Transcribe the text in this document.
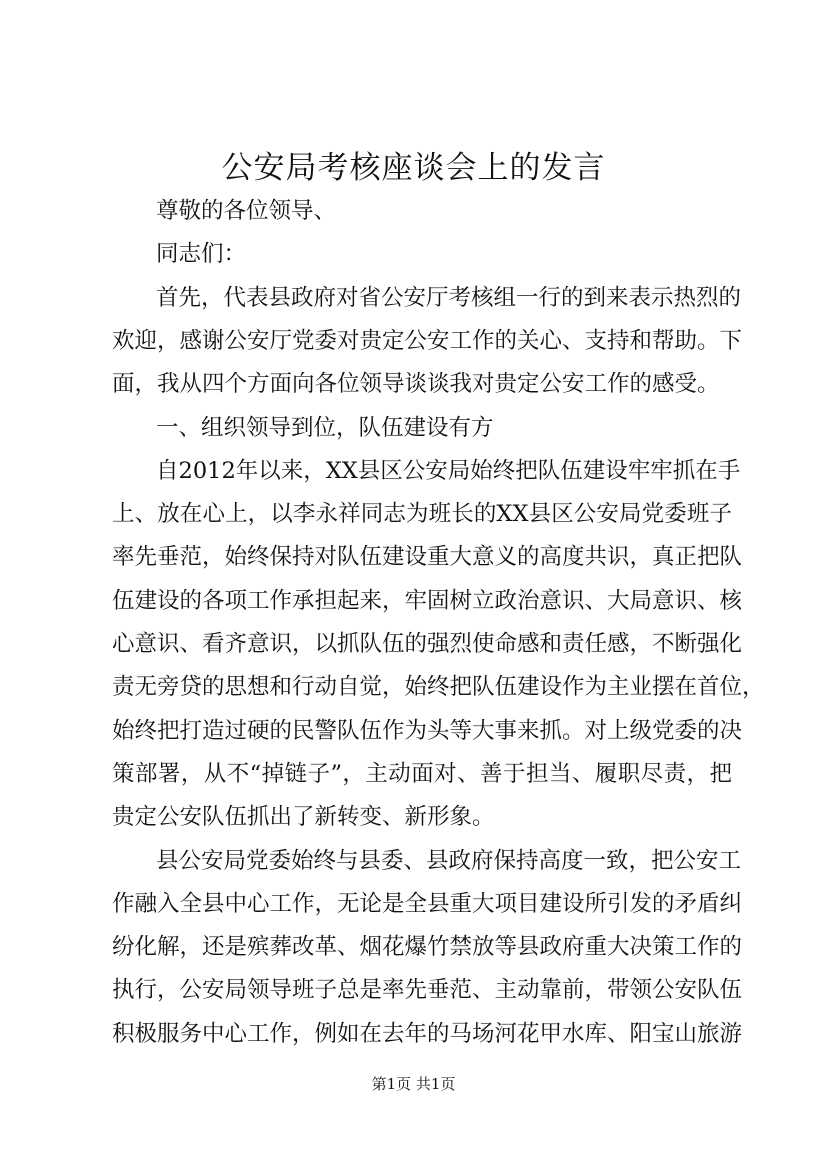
公安局考核座谈会上的发言
尊敬的各位领导、
同志们：
首先，代表县政府对省公安厅考核组一行的到来表示热烈的
欢迎，感谢公安厅党委对贵定公安工作的关心、支持和帮助。下
面，我从四个方面向各位领导谈谈我对贵定公安工作的感受。
一、组织领导到位，队伍建设有方
自2012年以来，XX县区公安局始终把队伍建设牢牢抓在手
上、放在心上，以李永祥同志为班长的XX县区公安局党委班子
率先垂范，始终保持对队伍建设重大意义的高度共识，真正把队
伍建设的各项工作承担起来，牢固树立政治意识、大局意识、核
心意识、看齐意识，以抓队伍的强烈使命感和责任感，不断强化
责无旁贷的思想和行动自觉，始终把队伍建设作为主业摆在首位，
始终把打造过硬的民警队伍作为头等大事来抓。对上级党委的决
策部署，从不“掉链子”，主动面对、善于担当、履职尽责，把
贵定公安队伍抓出了新转变、新形象。
县公安局党委始终与县委、县政府保持高度一致，把公安工
作融入全县中心工作，无论是全县重大项目建设所引发的矛盾纠
纷化解，还是殡葬改革、烟花爆竹禁放等县政府重大决策工作的
执行，公安局领导班子总是率先垂范、主动靠前，带领公安队伍
第1页 共1页
积极服务中心工作，例如在去年的马场河花甲水库、阳宝山旅游
